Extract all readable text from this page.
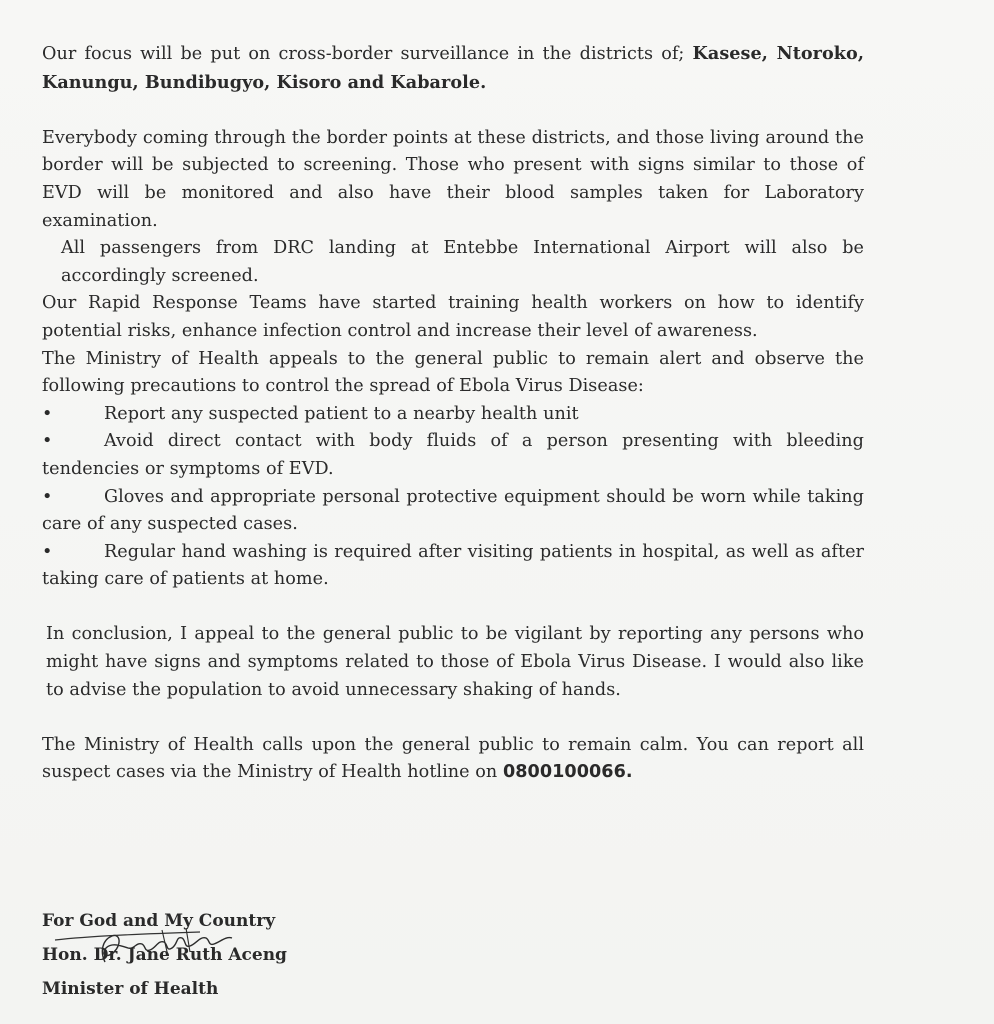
Our focus will be put on cross-border surveillance in the districts of; Kasese, Ntoroko, Kanungu, Bundibugyo, Kisoro and Kabarole.

Everybody coming through the border points at these districts, and those living around the border will be subjected to screening. Those who present with signs similar to those of EVD will be monitored and also have their blood samples taken for Laboratory examination.

All passengers from DRC landing at Entebbe International Airport will also be accordingly screened.

Our Rapid Response Teams have started training health workers on how to identify potential risks, enhance infection control and increase their level of awareness.

The Ministry of Health appeals to the general public to remain alert and observe the following precautions to control the spread of Ebola Virus Disease:

•	Report any suspected patient to a nearby health unit

•	Avoid direct contact with body fluids of a person presenting with bleeding tendencies or symptoms of EVD.

•	Gloves and appropriate personal protective equipment should be worn while taking care of any suspected cases.

•	Regular hand washing is required after visiting patients in hospital, as well as after taking care of patients at home.

In conclusion, I appeal to the general public to be vigilant by reporting any persons who might have signs and symptoms related to those of Ebola Virus Disease. I would also like to advise the population to avoid unnecessary shaking of hands.

The Ministry of Health calls upon the general public to remain calm. You can report all suspect cases via the Ministry of Health hotline on 0800100066.

For God and My Country
Hon. Dr. Jane Ruth Aceng
Minister of Health
